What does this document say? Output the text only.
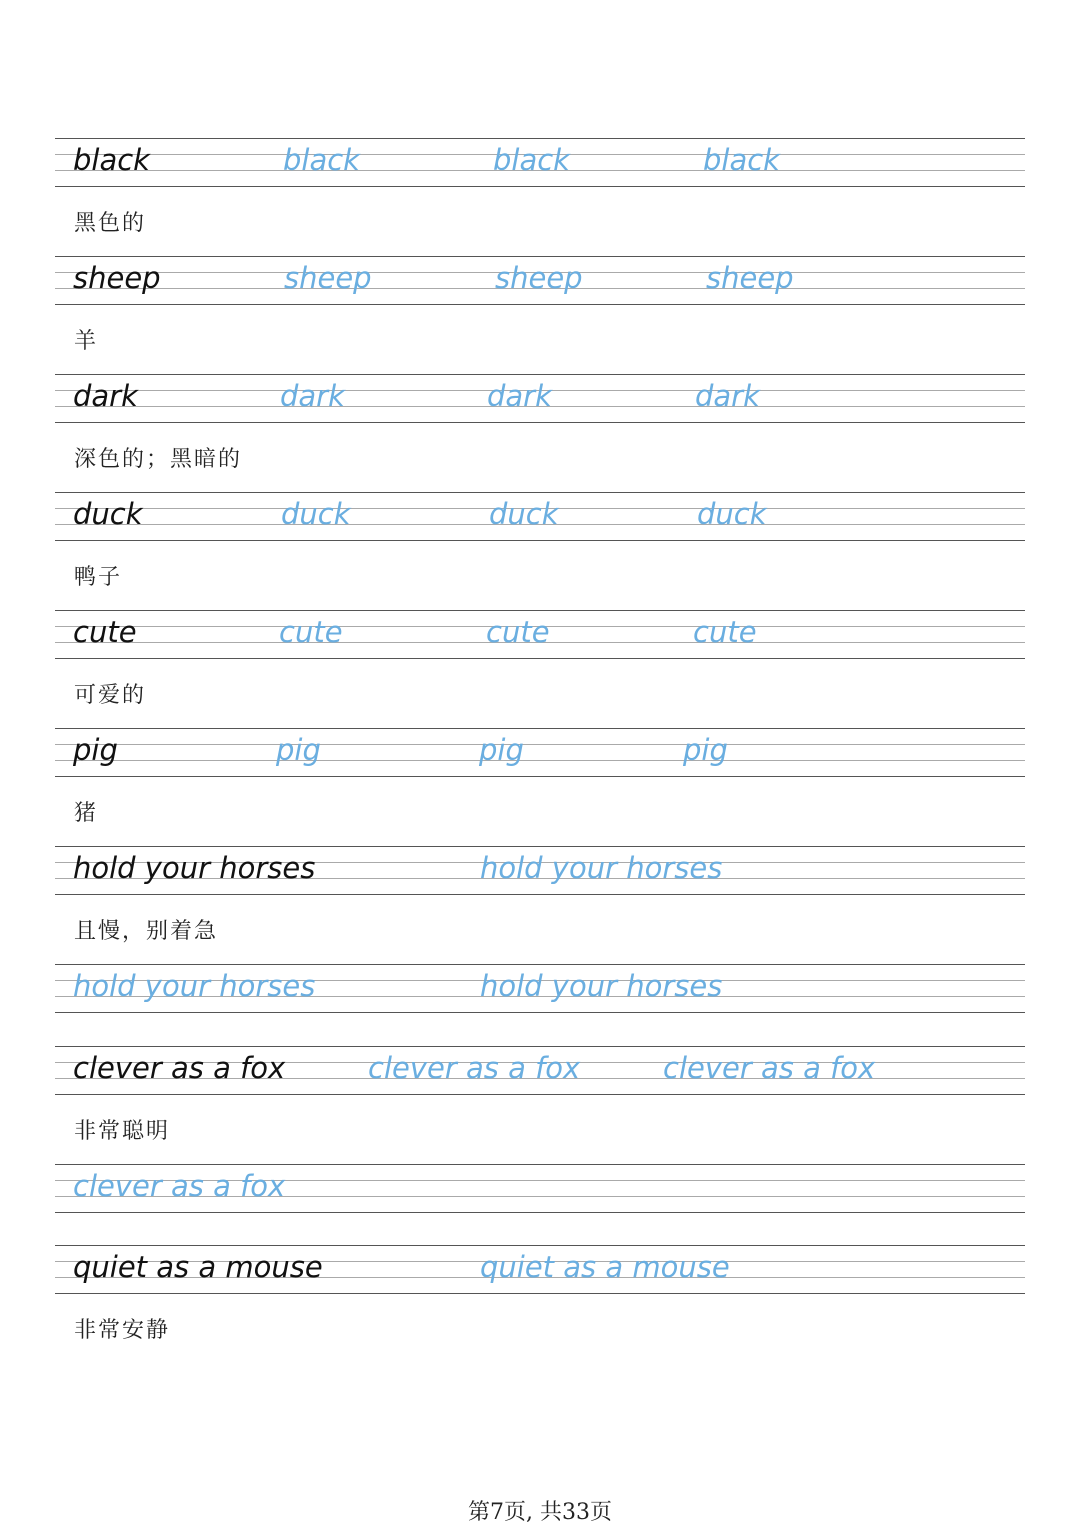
black	black	black	black
黑色的
sheep	sheep	sheep	sheep
羊
dark	dark	dark	dark
深色的；黑暗的
duck	duck	duck	duck
鸭子
cute	cute	cute	cute
可爱的
pig	pig	pig	pig
猪
hold your horses	hold your horses
且慢，别着急
hold your horses	hold your horses
clever as a fox	clever as a fox	clever as a fox
非常聪明
clever as a fox
quiet as a mouse	quiet as a mouse
非常安静
第7页, 共33页
